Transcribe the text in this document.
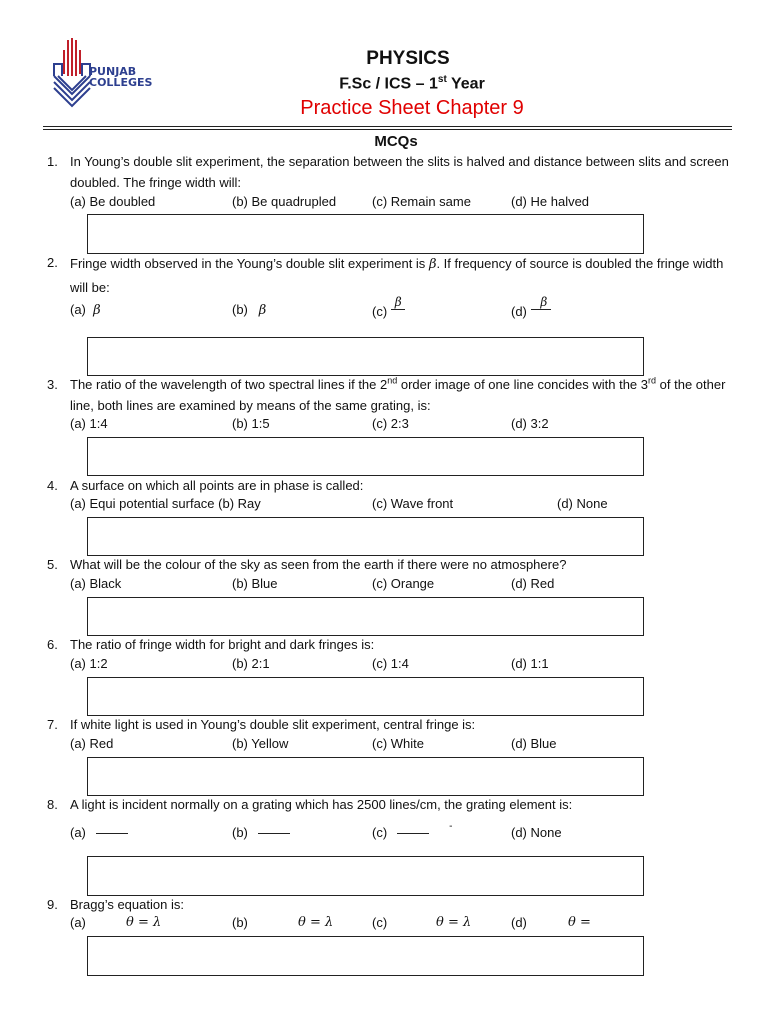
PUNJAB
COLLEGES
PHYSICS
F.Sc / ICS – 1st Year
Practice Sheet Chapter 9
MCQs
1. In Young’s double slit experiment, the separation between the slits is halved and distance between slits and screen doubled. The fringe width will:
(a) Be doubled	(b) Be quadrupled	(c) Remain same	(d) He halved
2. Fringe width observed in the Young’s double slit experiment is β. If frequency of source is doubled the fringe width will be:
(a) β	(b) β	(c)
β
(d)
β
3. The ratio of the wavelength of two spectral lines if the 2nd order image of one line concides with the 3rd of the other line, both lines are examined by means of the same grating, is:
(a) 1:4	(b) 1:5	(c) 2:3	(d) 3:2
4. A surface on which all points are in phase is called:
(a) Equi potential surface (b) Ray	(c) Wave front	(d) None
5. What will be the colour of the sky as seen from the earth if there were no atmosphere?
(a) Black	(b) Blue	(c) Orange	(d) Red
6. The ratio of fringe width for bright and dark fringes is:
(a) 1:2	(b) 2:1	(c) 1:4	(d) 1:1
7. If white light is used in Young’s double slit experiment, central fringe is:
(a) Red	(b) Yellow	(c) White	(d) Blue
8. A light is incident normally on a grating which has 2500 lines/cm, the grating element is:
(a)	(b)	(c)	-	(d) None
9. Bragg’s equation is:
(a)	θ = λ	(b)	θ = λ	(c)	θ = λ	(d)	θ =
